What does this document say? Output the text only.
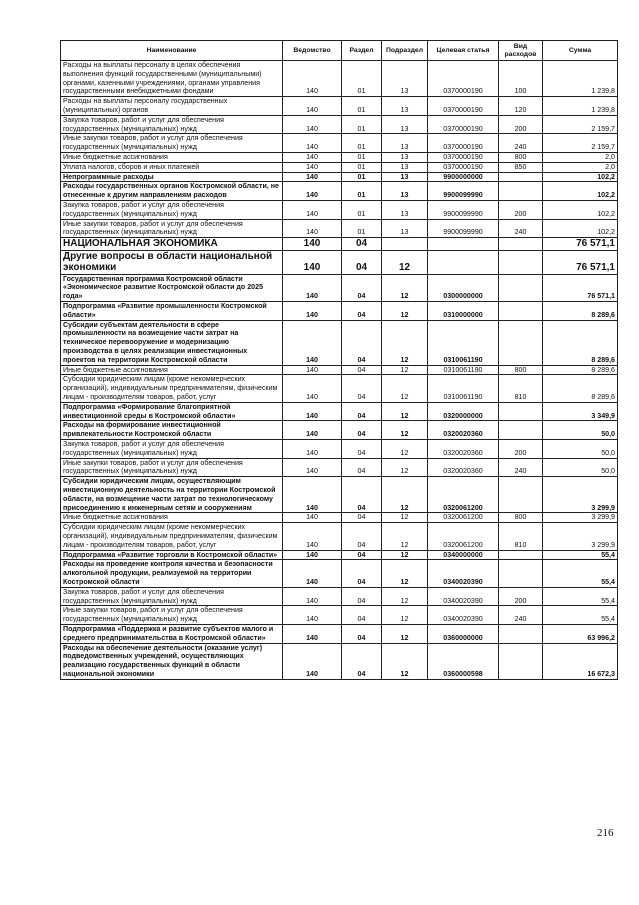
Наименование	Ведомство	Раздел	Подраздел	Целевая статья	Вид расходов	Сумма
Расходы на выплаты персоналу в целях обеспечения выполнения функций государственными (муниципальными) органами, казенными учреждениями, органами управления государственными внебюджетными фондами	140	01	13	0370000190	100	1 239,8
Расходы на выплаты персоналу государственных (муниципальных) органов	140	01	13	0370000190	120	1 239,8
Закупка товаров, работ и услуг для обеспечения государственных (муниципальных) нужд	140	01	13	0370000190	200	2 159,7
Иные закупки товаров, работ и услуг для обеспечения государственных (муниципальных) нужд	140	01	13	0370000190	240	2 159,7
Иные бюджетные ассигнования	140	01	13	0370000190	800	2,0
Уплата налогов, сборов и иных платежей	140	01	13	0370000190	850	2,0
Непрограммные расходы	140	01	13	9900000000		102,2
Расходы государственных органов Костромской области, не отнесенные к другим направлениям расходов	140	01	13	9900099990		102,2
Закупка товаров, работ и услуг для обеспечения государственных (муниципальных) нужд	140	01	13	9900099990	200	102,2
Иные закупки товаров, работ и услуг для обеспечения государственных (муниципальных) нужд	140	01	13	9900099990	240	102,2
НАЦИОНАЛЬНАЯ ЭКОНОМИКА	140	04				76 571,1
Другие вопросы в области национальной экономики	140	04	12			76 571,1
Государственная программа Костромской области «Экономическое развитие Костромской области до 2025 года»	140	04	12	0300000000		76 571,1
Подпрограмма «Развитие промышленности Костромской области»	140	04	12	0310000000		8 289,6
Субсидии субъектам деятельности в сфере промышленности на возмещение части затрат на техническое перевооружение и модернизацию производства в целях реализации инвестиционных проектов на территории Костромской области	140	04	12	0310061190		8 289,6
Иные бюджетные ассигнования	140	04	12	0310061190	800	8 289,6
Субсидии юридическим лицам (кроме некоммерческих организаций), индивидуальным предпринимателям, физическим лицам - производителям товаров, работ, услуг	140	04	12	0310061190	810	8 289,6
Подпрограмма «Формирование благоприятной инвестиционной среды в Костромской области»	140	04	12	0320000000		3 349,9
Расходы на формирование инвестиционной привлекательности Костромской области	140	04	12	0320020360		50,0
Закупка товаров, работ и услуг для обеспечения государственных (муниципальных) нужд	140	04	12	0320020360	200	50,0
Иные закупки товаров, работ и услуг для обеспечения государственных (муниципальных) нужд	140	04	12	0320020360	240	50,0
Субсидии юридическим лицам, осуществляющим инвестиционную деятельность на территории Костромской области, на возмещение части затрат по технологическому присоединению к инженерным сетям и сооружениям	140	04	12	0320061200		3 299,9
Иные бюджетные ассигнования	140	04	12	0320061200	800	3 299,9
Субсидии юридическим лицам (кроме некоммерческих организаций), индивидуальным предпринимателям, физическим лицам - производителям товаров, работ, услуг	140	04	12	0320061200	810	3 299,9
Подпрограмма «Развитие торговли в Костромской области»	140	04	12	0340000000		55,4
Расходы на проведение контроля качества и безопасности алкогольной продукции, реализуемой на территории Костромской области	140	04	12	0340020390		55,4
Закупка товаров, работ и услуг для обеспечения государственных (муниципальных) нужд	140	04	12	0340020390	200	55,4
Иные закупки товаров, работ и услуг для обеспечения государственных (муниципальных) нужд	140	04	12	0340020390	240	55,4
Подпрограмма «Поддержка и развитие субъектов малого и среднего предпринимательства в Костромской области»	140	04	12	0360000000		63 996,2
Расходы на обеспечение деятельности (оказание услуг) подведомственных учреждений, осуществляющих реализацию государственных функций в области национальной экономики	140	04	12	0360000598		16 672,3
216
